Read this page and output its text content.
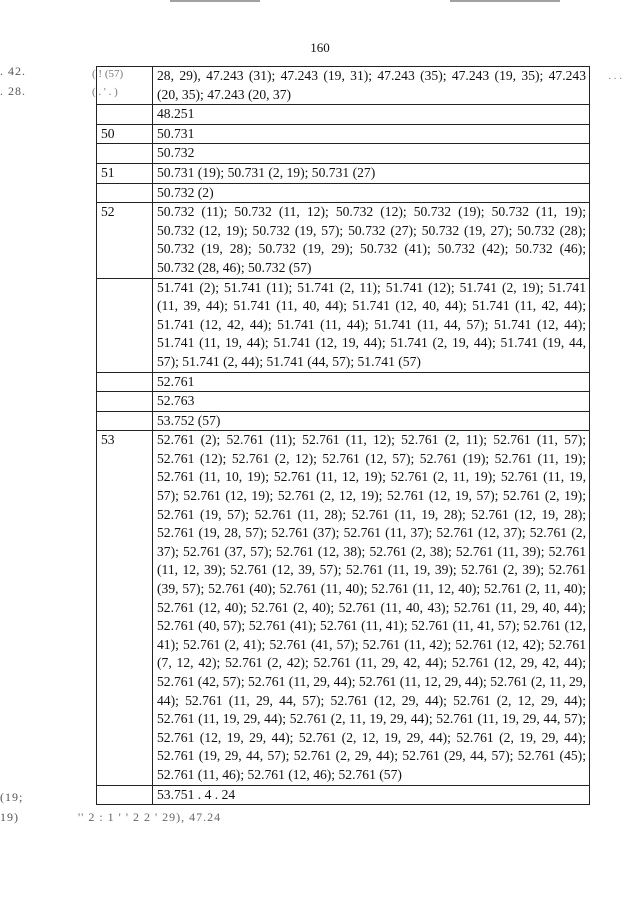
160
. 42.
. 28.
(19;
19)
. . .
( ! (57)
( . ' . )
	28, 29), 47.243 (31); 47.243 (19, 31); 47.243 (35); 47.243 (19, 35); 47.243 (20, 35); 47.243 (20, 37)
	48.251
50	50.731
	50.732
51	50.731 (19); 50.731 (2, 19); 50.731 (27)
	50.732 (2)
52	50.732 (11); 50.732 (11, 12); 50.732 (12); 50.732 (19); 50.732 (11, 19); 50.732 (12, 19); 50.732 (19, 57); 50.732 (27); 50.732 (19, 27); 50.732 (28); 50.732 (19, 28); 50.732 (19, 29); 50.732 (41); 50.732 (42); 50.732 (46); 50.732 (28, 46); 50.732 (57)
	51.741 (2); 51.741 (11); 51.741 (2, 11); 51.741 (12); 51.741 (2, 19); 51.741 (11, 39, 44); 51.741 (11, 40, 44); 51.741 (12, 40, 44); 51.741 (11, 42, 44); 51.741 (12, 42, 44); 51.741 (11, 44); 51.741 (11, 44, 57); 51.741 (12, 44); 51.741 (11, 19, 44); 51.741 (12, 19, 44); 51.741 (2, 19, 44); 51.741 (19, 44, 57); 51.741 (2, 44); 51.741 (44, 57); 51.741 (57)
	52.761
	52.763
	53.752 (57)
53	52.761 (2); 52.761 (11); 52.761 (11, 12); 52.761 (2, 11); 52.761 (11, 57); 52.761 (12); 52.761 (2, 12); 52.761 (12, 57); 52.761 (19); 52.761 (11, 19); 52.761 (11, 10, 19); 52.761 (11, 12, 19); 52.761 (2, 11, 19); 52.761 (11, 19, 57); 52.761 (12, 19); 52.761 (2, 12, 19); 52.761 (12, 19, 57); 52.761 (2, 19); 52.761 (19, 57); 52.761 (11, 28); 52.761 (11, 19, 28); 52.761 (12, 19, 28); 52.761 (19, 28, 57); 52.761 (37); 52.761 (11, 37); 52.761 (12, 37); 52.761 (2, 37); 52.761 (37, 57); 52.761 (12, 38); 52.761 (2, 38); 52.761 (11, 39); 52.761 (11, 12, 39); 52.761 (12, 39, 57); 52.761 (11, 19, 39); 52.761 (2, 39); 52.761 (39, 57); 52.761 (40); 52.761 (11, 40); 52.761 (11, 12, 40); 52.761 (2, 11, 40); 52.761 (12, 40); 52.761 (2, 40); 52.761 (11, 40, 43); 52.761 (11, 29, 40, 44); 52.761 (40, 57); 52.761 (41); 52.761 (11, 41); 52.761 (11, 41, 57); 52.761 (12, 41); 52.761 (2, 41); 52.761 (41, 57); 52.761 (11, 42); 52.761 (12, 42); 52.761 (7, 12, 42); 52.761 (2, 42); 52.761 (11, 29, 42, 44); 52.761 (12, 29, 42, 44); 52.761 (42, 57); 52.761 (11, 29, 44); 52.761 (11, 12, 29, 44); 52.761 (2, 11, 29, 44); 52.761 (11, 29, 44, 57); 52.761 (12, 29, 44); 52.761 (2, 12, 29, 44); 52.761 (11, 19, 29, 44); 52.761 (2, 11, 19, 29, 44); 52.761 (11, 19, 29, 44, 57); 52.761 (12, 19, 29, 44); 52.761 (2, 12, 19, 29, 44); 52.761 (2, 19, 29, 44); 52.761 (19, 29, 44, 57); 52.761 (2, 29, 44); 52.761 (29, 44, 57); 52.761 (45); 52.761 (11, 46); 52.761 (12, 46); 52.761 (57)
	53.751 . 4 . 24
'' 2 : 1 ' ' 2 2 ' 29), 47.24
